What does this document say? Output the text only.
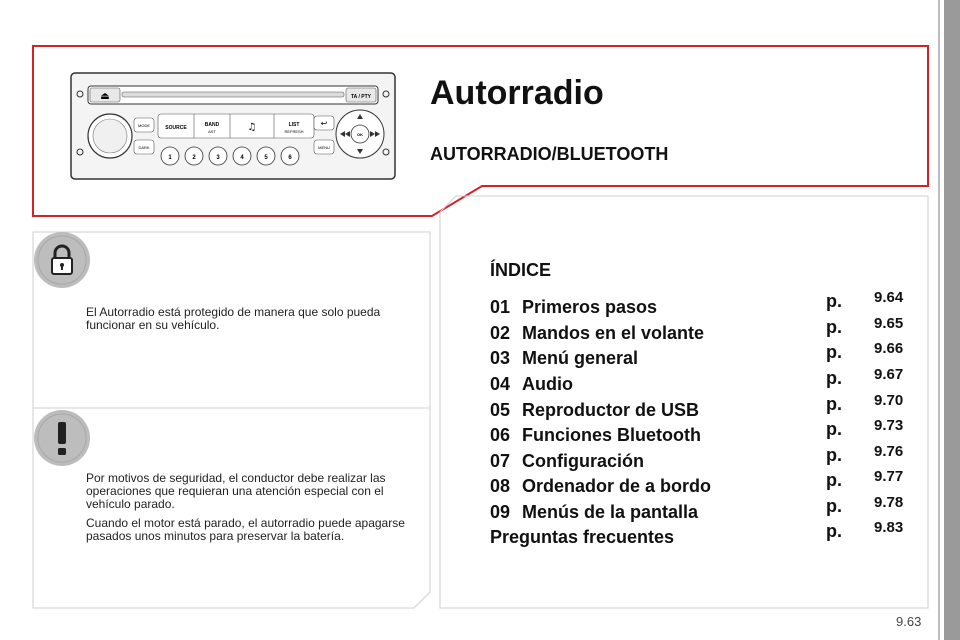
⏏	TA / PTY
MODE
DARK
SOURCE	BAND
AST	♫	LIST
REFRESH
1	2	3	4	5	6
↩
MENU
OK
Autorradio
AUTORRADIO/BLUETOOTH

El Autorradio está protegido de manera que solo pueda funcionar en su vehículo.

Por motivos de seguridad, el conductor debe realizar las operaciones que requieran una atención especial con el vehículo parado.

Cuando el motor está parado, el autorradio puede apagarse pasados unos minutos para preservar la batería.

ÍNDICE
01 Primeros pasos	p. 9.64
02 Mandos en el volante	p. 9.65
03 Menú general	p. 9.66
04 Audio	p. 9.67
05 Reproductor de USB	p. 9.70
06 Funciones Bluetooth	p. 9.73
07 Configuración	p. 9.76
08 Ordenador de a bordo	p. 9.77
09 Menús de la pantalla	p. 9.78
Preguntas frecuentes	p. 9.83
9.63
